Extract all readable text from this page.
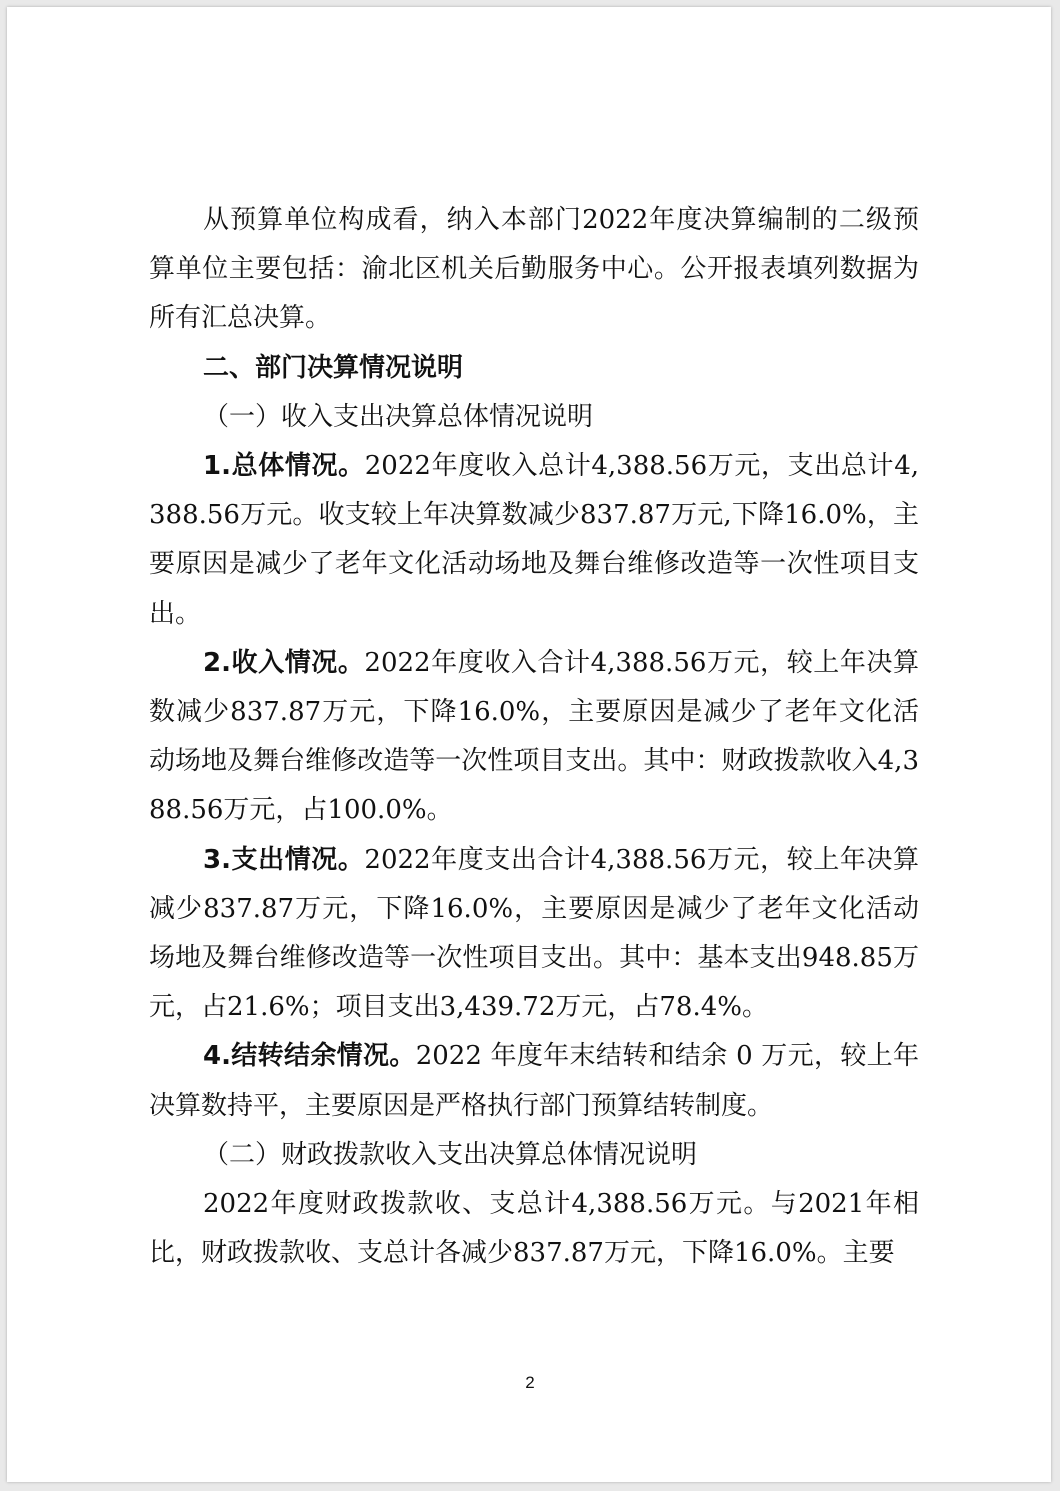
从预算单位构成看，纳入本部门2022年度决算编制的二级预算单位主要包括：渝北区机关后勤服务中心。公开报表填列数据为所有汇总决算。

二、部门决算情况说明

（一）收入支出决算总体情况说明

1.总体情况。2022年度收入总计4,388.56万元，支出总计4,388.56万元。收支较上年决算数减少837.87万元,下降16.0%，主要原因是减少了老年文化活动场地及舞台维修改造等一次性项目支出。

2.收入情况。2022年度收入合计4,388.56万元，较上年决算数减少837.87万元，下降16.0%，主要原因是减少了老年文化活动场地及舞台维修改造等一次性项目支出。其中：财政拨款收入4,388.56万元，占100.0%。

3.支出情况。2022年度支出合计4,388.56万元，较上年决算减少837.87万元，下降16.0%，主要原因是减少了老年文化活动场地及舞台维修改造等一次性项目支出。其中：基本支出948.85万元，占21.6%；项目支出3,439.72万元，占78.4%。

4.结转结余情况。2022 年度年末结转和结余 0 万元，较上年决算数持平，主要原因是严格执行部门预算结转制度。

（二）财政拨款收入支出决算总体情况说明

2022年度财政拨款收、支总计4,388.56万元。与2021年相比，财政拨款收、支总计各减少837.87万元，下降16.0%。主要

2
